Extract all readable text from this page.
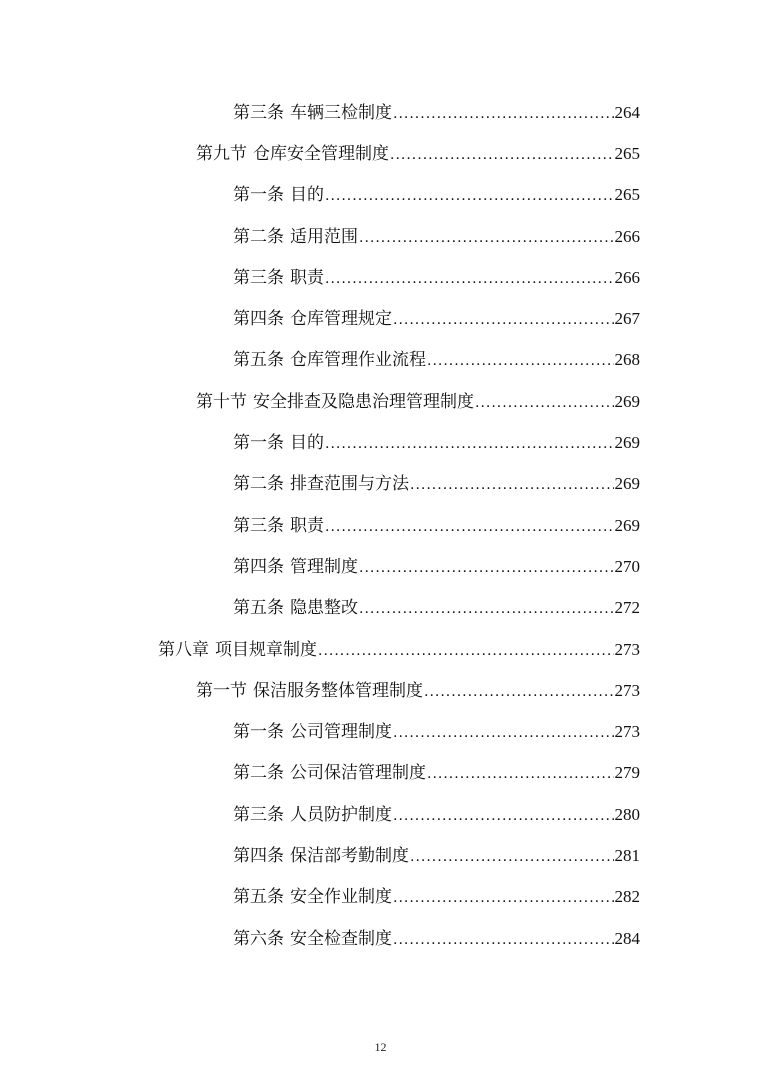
第三条 车辆三检制度 .....	264
第九节 仓库安全管理制度 .....	265
第一条 目的 .....	265
第二条 适用范围 .....	266
第三条 职责 .....	266
第四条 仓库管理规定 .....	267
第五条 仓库管理作业流程 .....	268
第十节 安全排查及隐患治理管理制度 .....	269
第一条 目的 .....	269
第二条 排查范围与方法 .....	269
第三条 职责 .....	269
第四条 管理制度 .....	270
第五条 隐患整改 .....	272
第八章 项目规章制度 .....	273
第一节 保洁服务整体管理制度 .....	273
第一条 公司管理制度 .....	273
第二条 公司保洁管理制度 .....	279
第三条 人员防护制度 .....	280
第四条 保洁部考勤制度 .....	281
第五条 安全作业制度 .....	282
第六条 安全检查制度 .....	284
12
